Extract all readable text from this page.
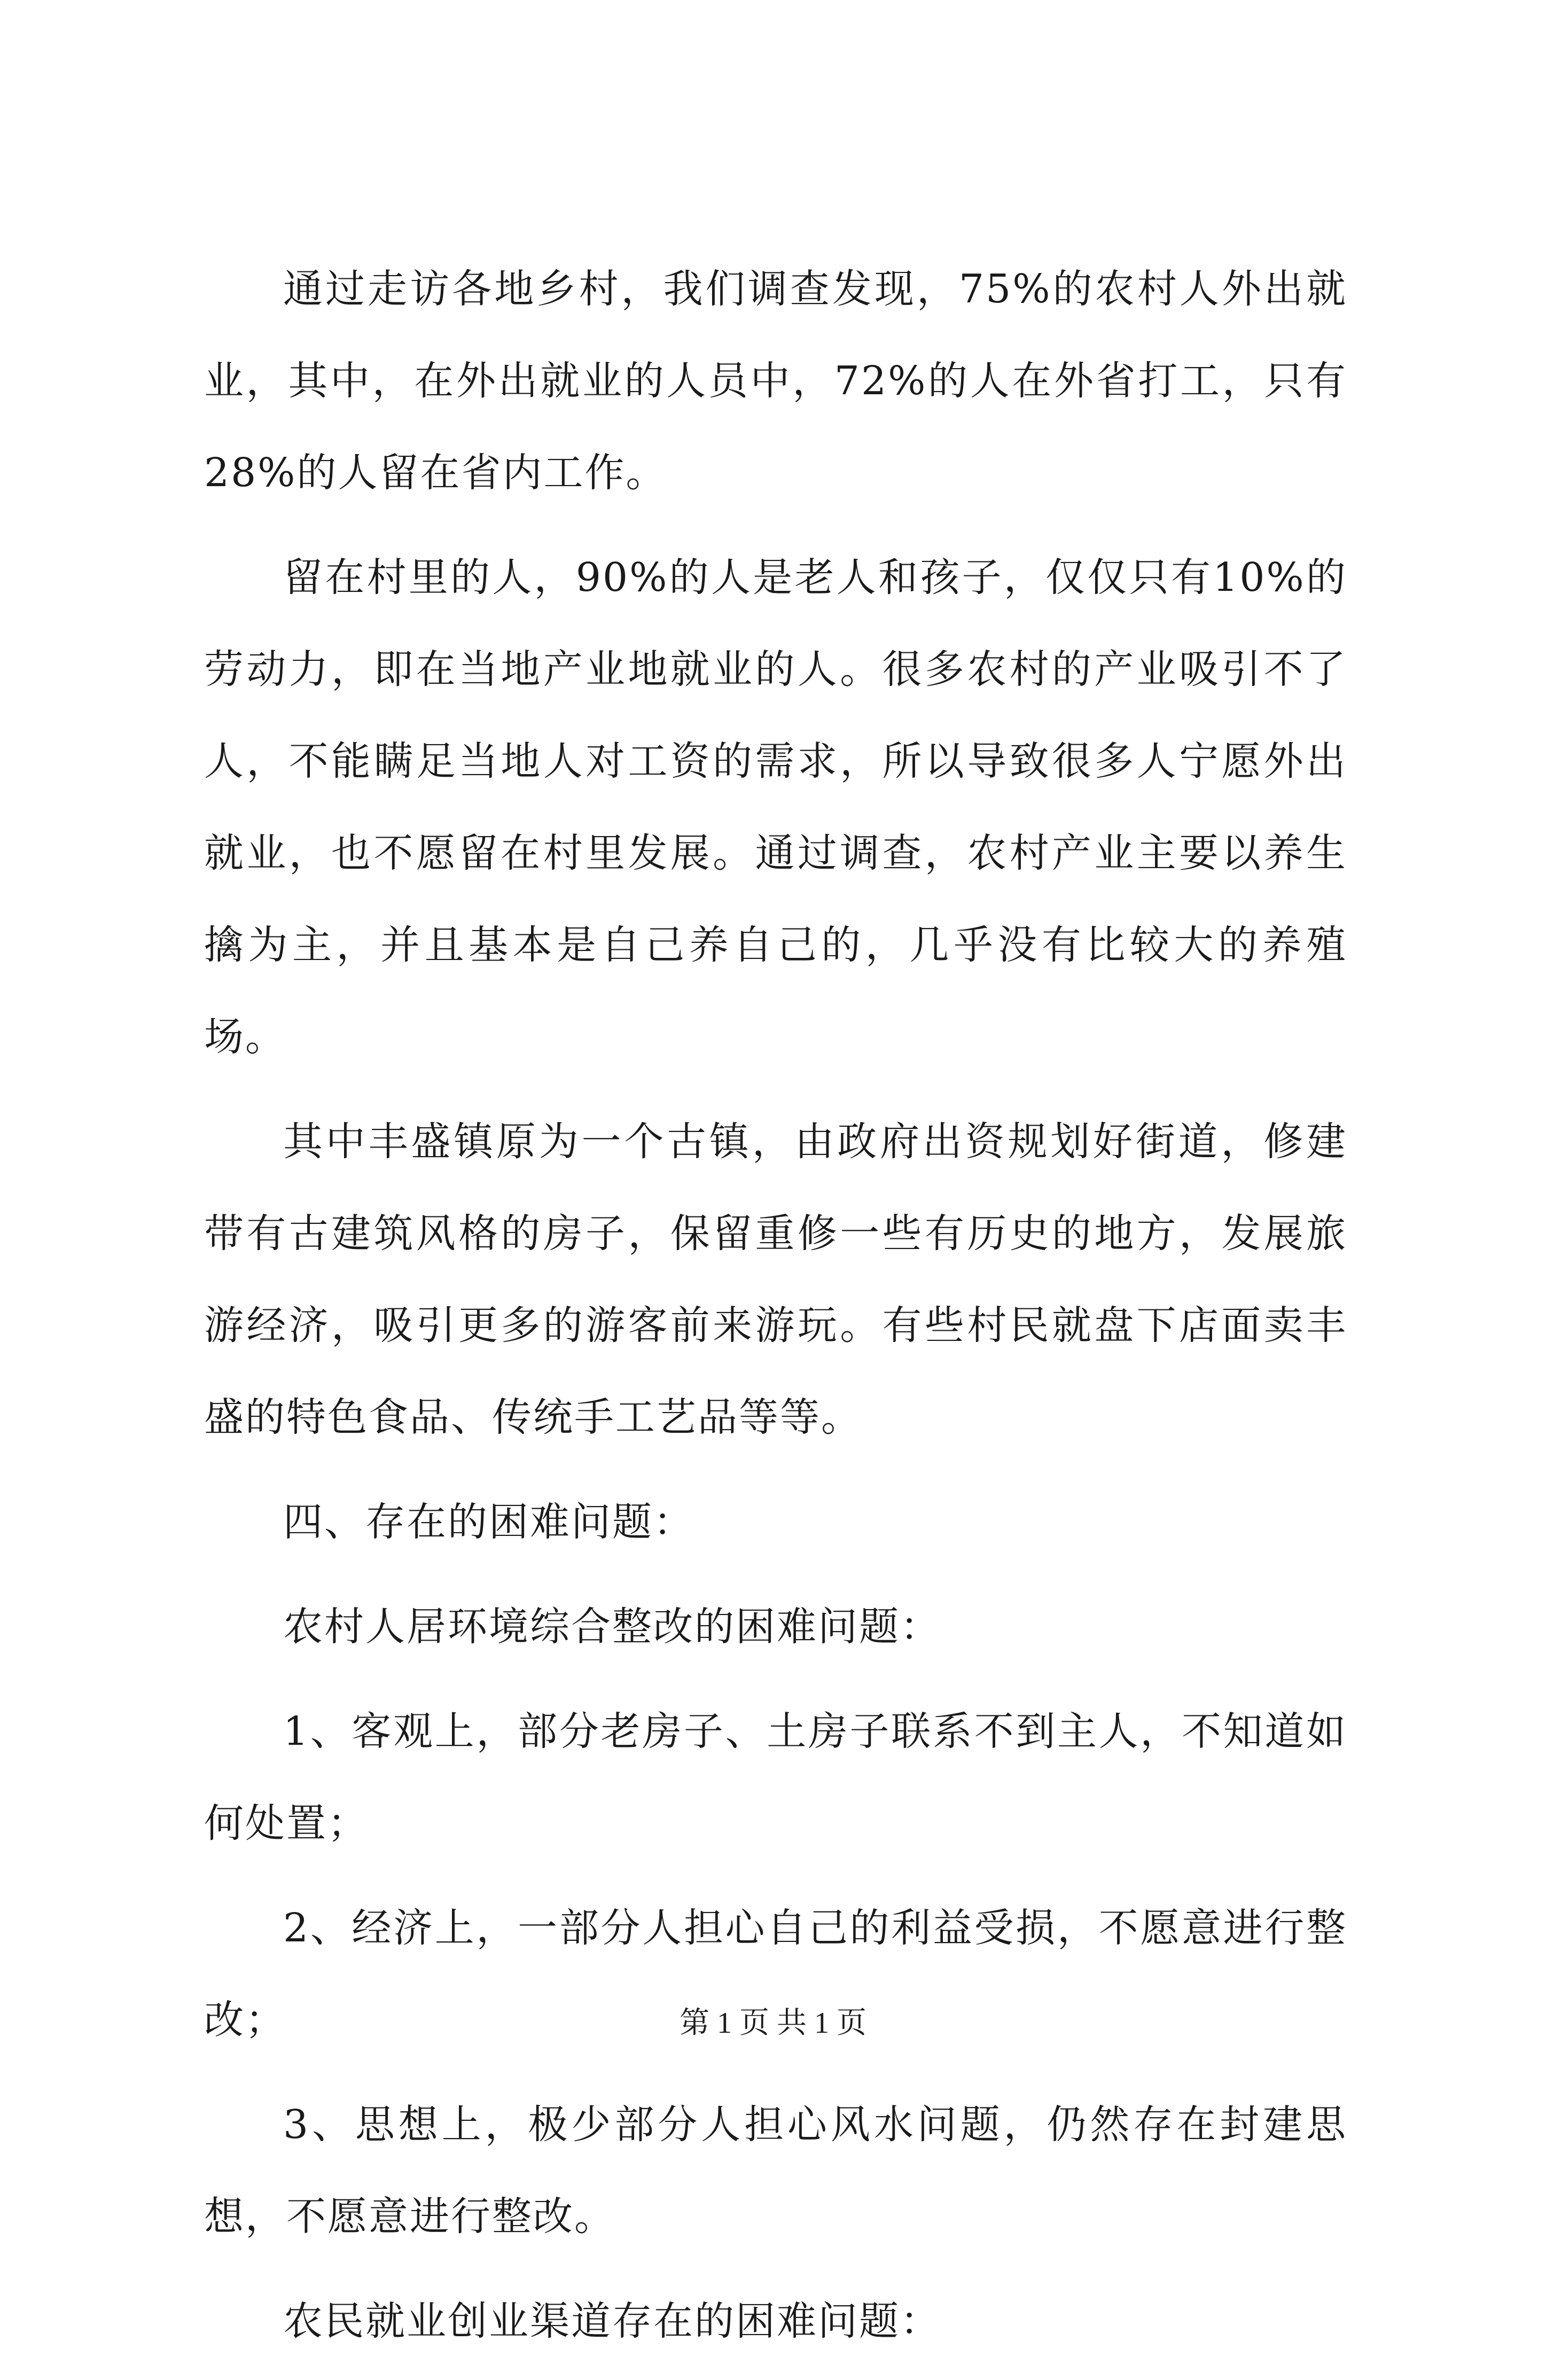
通过走访各地乡村，我们调查发现，75%的农村人外出就业，其中，在外出就业的人员中，72%的人在外省打工，只有28%的人留在省内工作。

留在村里的人，90%的人是老人和孩子，仅仅只有10%的劳动力，即在当地产业地就业的人。很多农村的产业吸引不了人，不能瞒足当地人对工资的需求，所以导致很多人宁愿外出就业，也不愿留在村里发展。通过调查，农村产业主要以养生擒为主，并且基本是自己养自己的，几乎没有比较大的养殖场。

其中丰盛镇原为一个古镇，由政府出资规划好街道，修建带有古建筑风格的房子，保留重修一些有历史的地方，发展旅游经济，吸引更多的游客前来游玩。有些村民就盘下店面卖丰盛的特色食品、传统手工艺品等等。

四、存在的困难问题：

农村人居环境综合整改的困难问题：

1、客观上，部分老房子、土房子联系不到主人，不知道如何处置；

2、经济上，一部分人担心自己的利益受损，不愿意进行整改；

3、思想上，极少部分人担心风水问题，仍然存在封建思想，不愿意进行整改。

农民就业创业渠道存在的困难问题：

第 1 页 共 1 页
